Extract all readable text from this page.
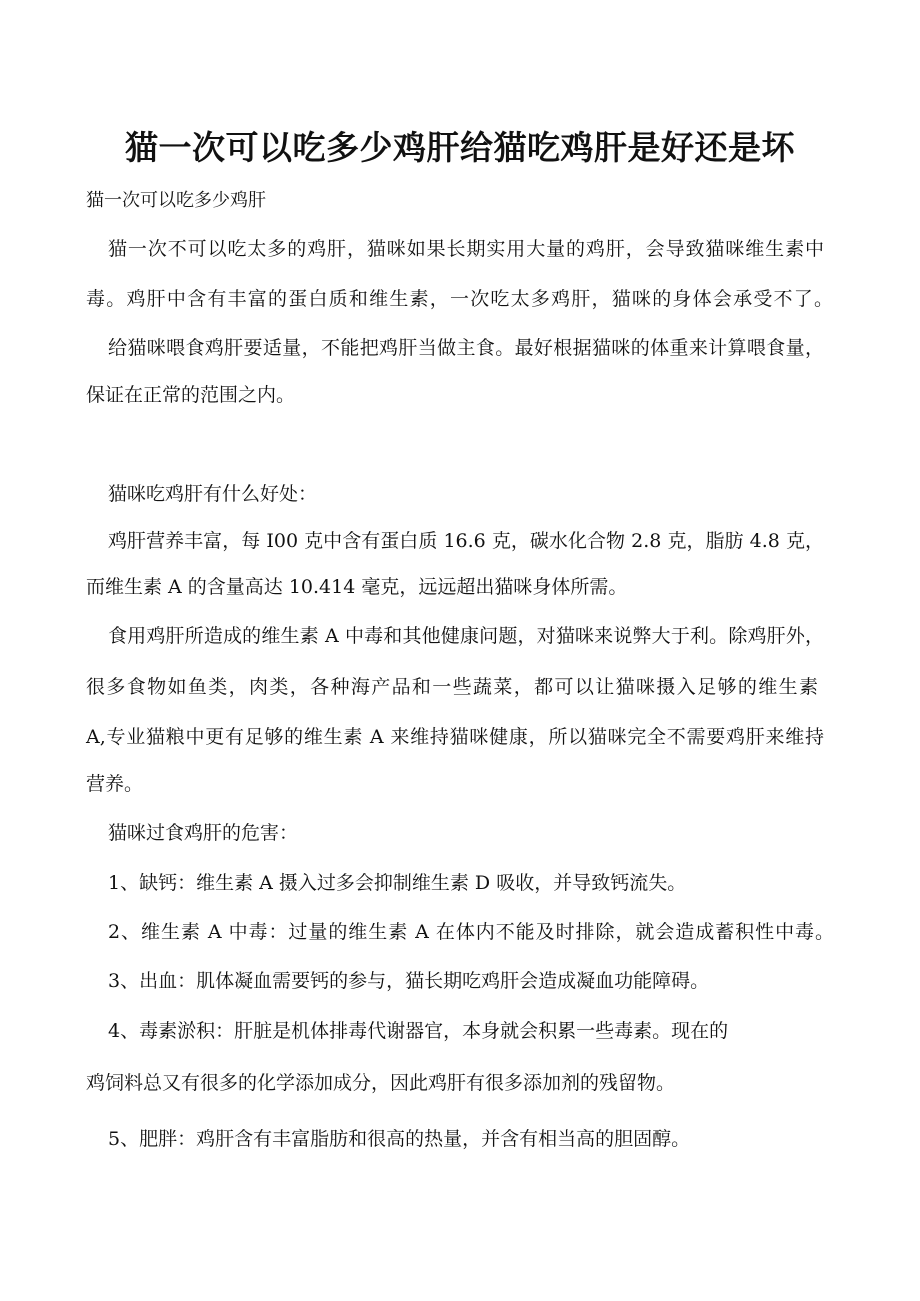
猫一次可以吃多少鸡肝给猫吃鸡肝是好还是坏

猫一次可以吃多少鸡肝

猫一次不可以吃太多的鸡肝，猫咪如果长期实用大量的鸡肝，会导致猫咪维生素中

毒。鸡肝中含有丰富的蛋白质和维生素，一次吃太多鸡肝，猫咪的身体会承受不了。

给猫咪喂食鸡肝要适量，不能把鸡肝当做主食。最好根据猫咪的体重来计算喂食量，

保证在正常的范围之内。

猫咪吃鸡肝有什么好处：

鸡肝营养丰富，每 I00 克中含有蛋白质 16.6 克，碳水化合物 2.8 克，脂肪 4.8 克，

而维生素 A 的含量高达 10.414 毫克，远远超出猫咪身体所需。

食用鸡肝所造成的维生素 A 中毒和其他健康问题，对猫咪来说弊大于利。除鸡肝外，

很多食物如鱼类，肉类，各种海产品和一些蔬菜，都可以让猫咪摄入足够的维生素

A,专业猫粮中更有足够的维生素 A 来维持猫咪健康，所以猫咪完全不需要鸡肝来维持

营养。

猫咪过食鸡肝的危害：

1、缺钙：维生素 A 摄入过多会抑制维生素 D 吸收，并导致钙流失。

2、维生素 A 中毒：过量的维生素 A 在体内不能及时排除，就会造成蓄积性中毒。

3、出血：肌体凝血需要钙的参与，猫长期吃鸡肝会造成凝血功能障碍。

4、毒素淤积：肝脏是机体排毒代谢器官，本身就会积累一些毒素。现在的

鸡饲料总又有很多的化学添加成分，因此鸡肝有很多添加剂的残留物。

5、肥胖：鸡肝含有丰富脂肪和很高的热量，并含有相当高的胆固醇。
